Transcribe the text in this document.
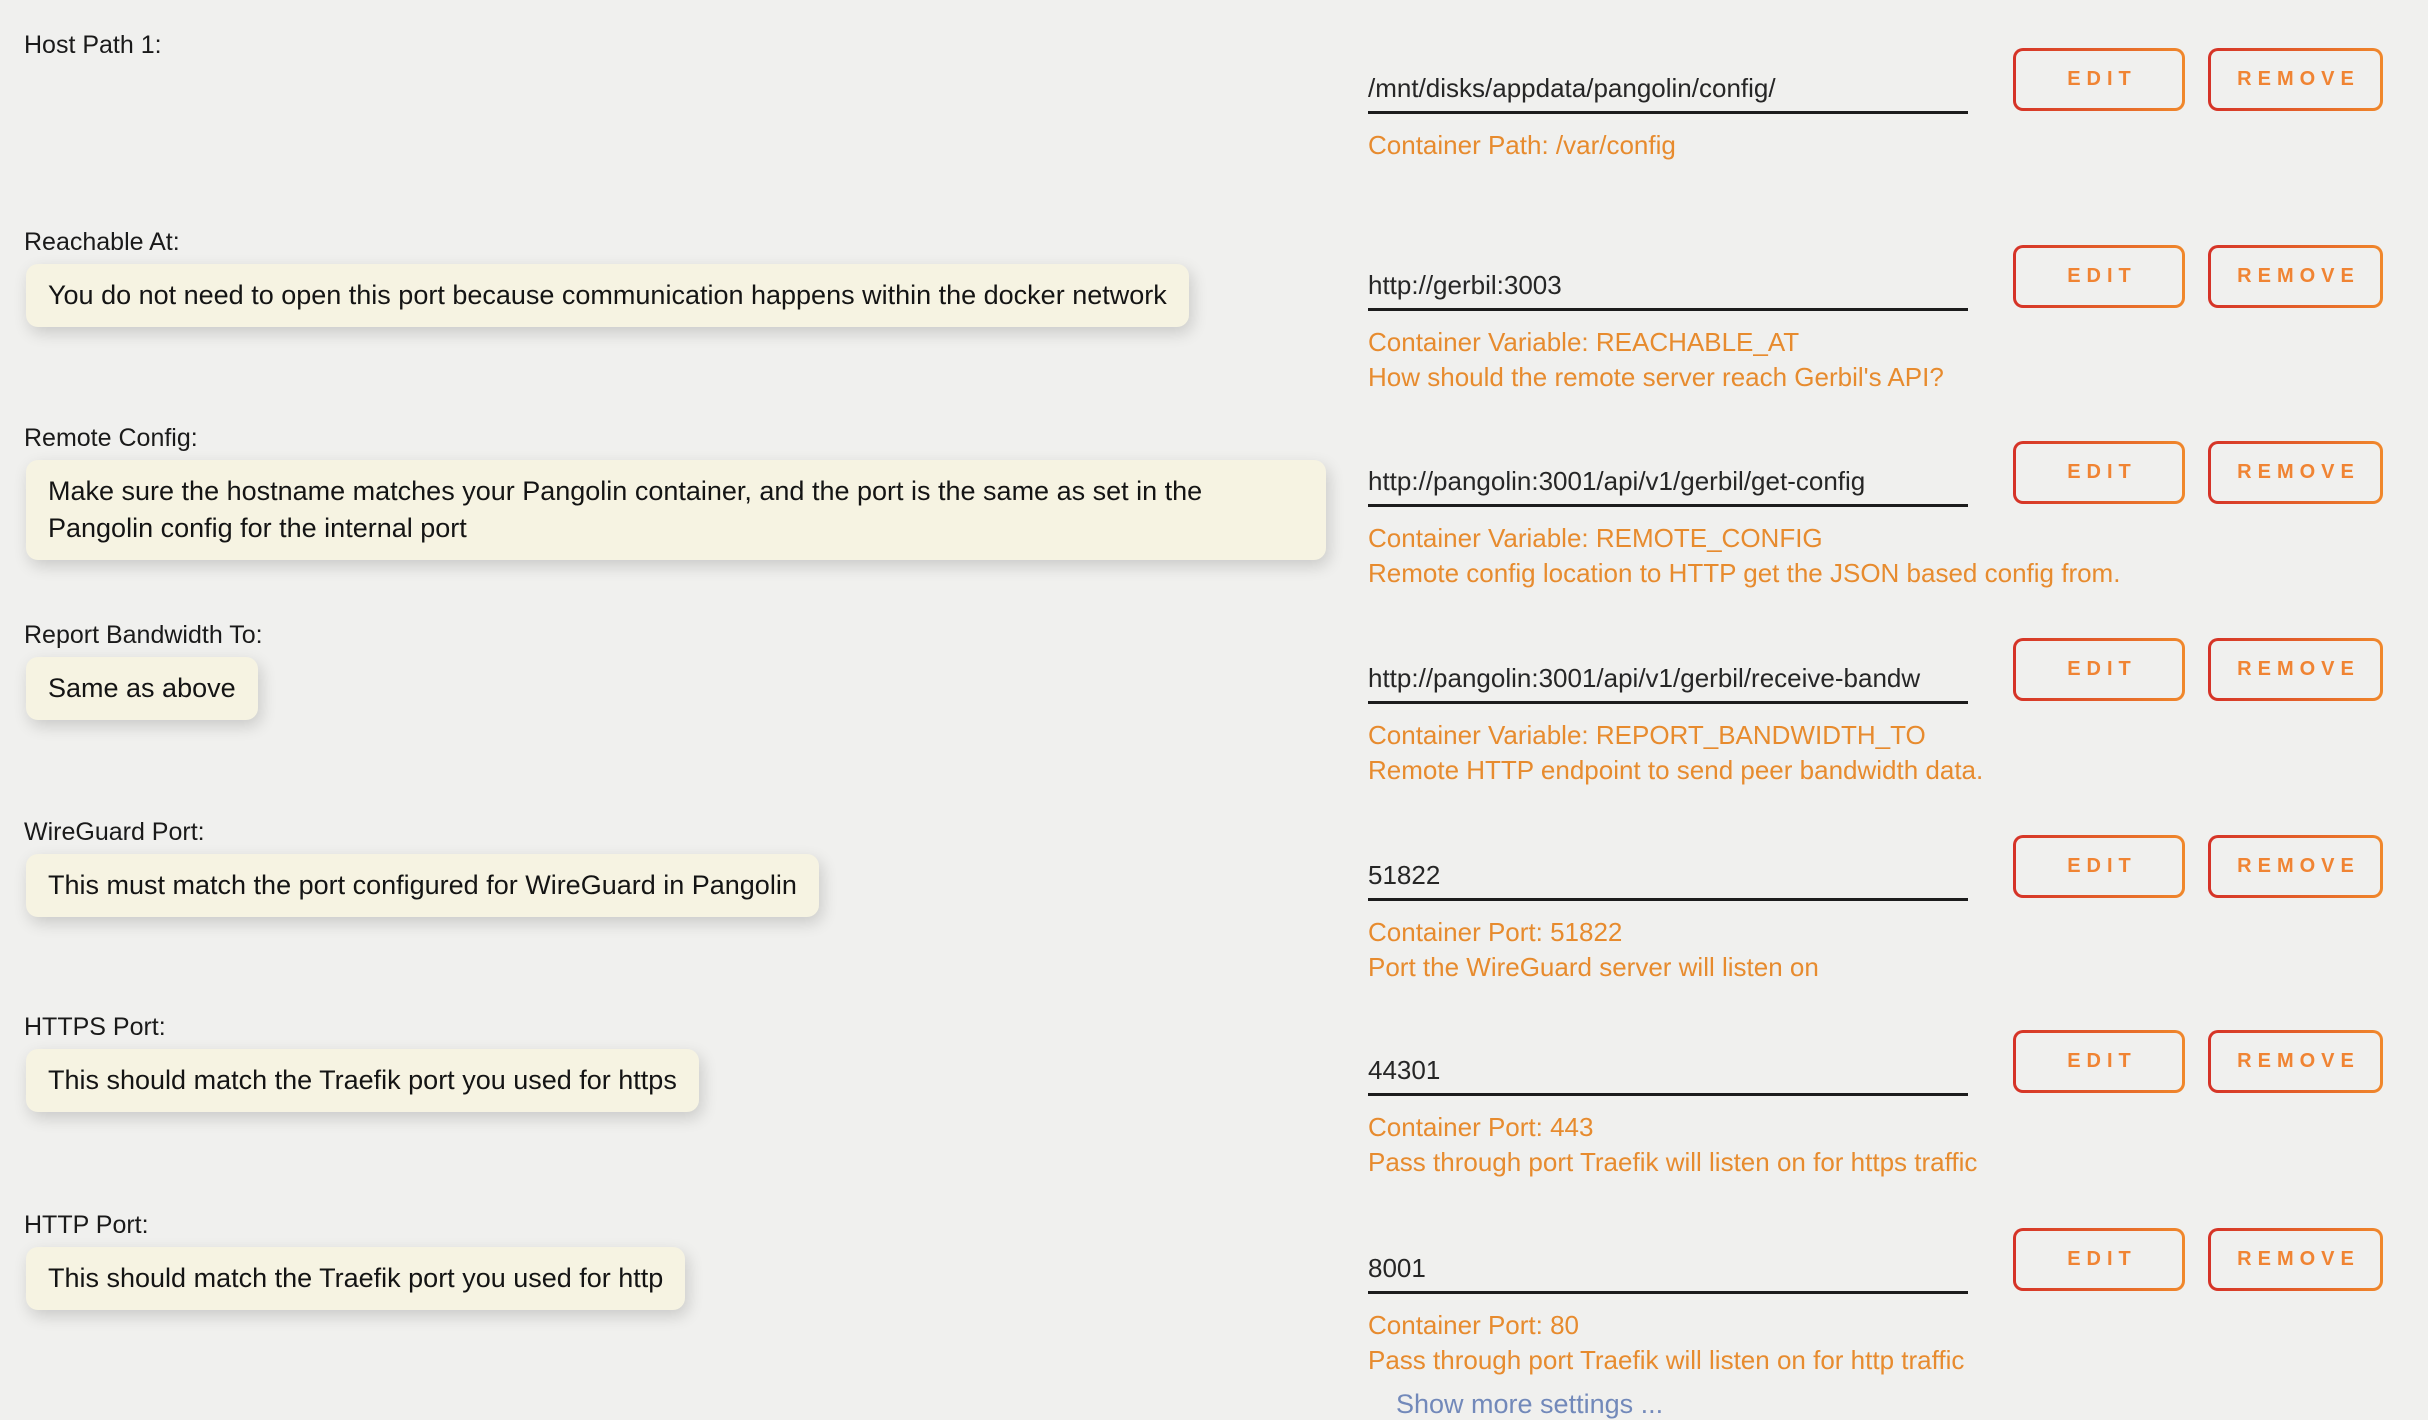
Host Path 1:
/mnt/disks/appdata/pangolin/config/
Container Path: /var/config
EDIT	REMOVE
Reachable At:
You do not need to open this port because communication happens within the docker network	http://gerbil:3003
Container Variable: REACHABLE_AT
How should the remote server reach Gerbil's API?
EDIT	REMOVE
Remote Config:
Make sure the hostname matches your Pangolin container, and the port is the same as set in the Pangolin config for the internal port
http://pangolin:3001/api/v1/gerbil/get-config
Container Variable: REMOTE_CONFIG
Remote config location to HTTP get the JSON based config from.
EDIT	REMOVE
Report Bandwidth To:
Same as above	http://pangolin:3001/api/v1/gerbil/receive-bandw
Container Variable: REPORT_BANDWIDTH_TO
Remote HTTP endpoint to send peer bandwidth data.
EDIT	REMOVE
WireGuard Port:
This must match the port configured for WireGuard in Pangolin	51822
Container Port: 51822
Port the WireGuard server will listen on
EDIT	REMOVE
HTTPS Port:
This should match the Traefik port you used for https	44301
Container Port: 443
Pass through port Traefik will listen on for https traffic
EDIT	REMOVE
HTTP Port:
This should match the Traefik port you used for http	8001
Container Port: 80
Pass through port Traefik will listen on for http traffic
EDIT	REMOVE
Show more settings ...
